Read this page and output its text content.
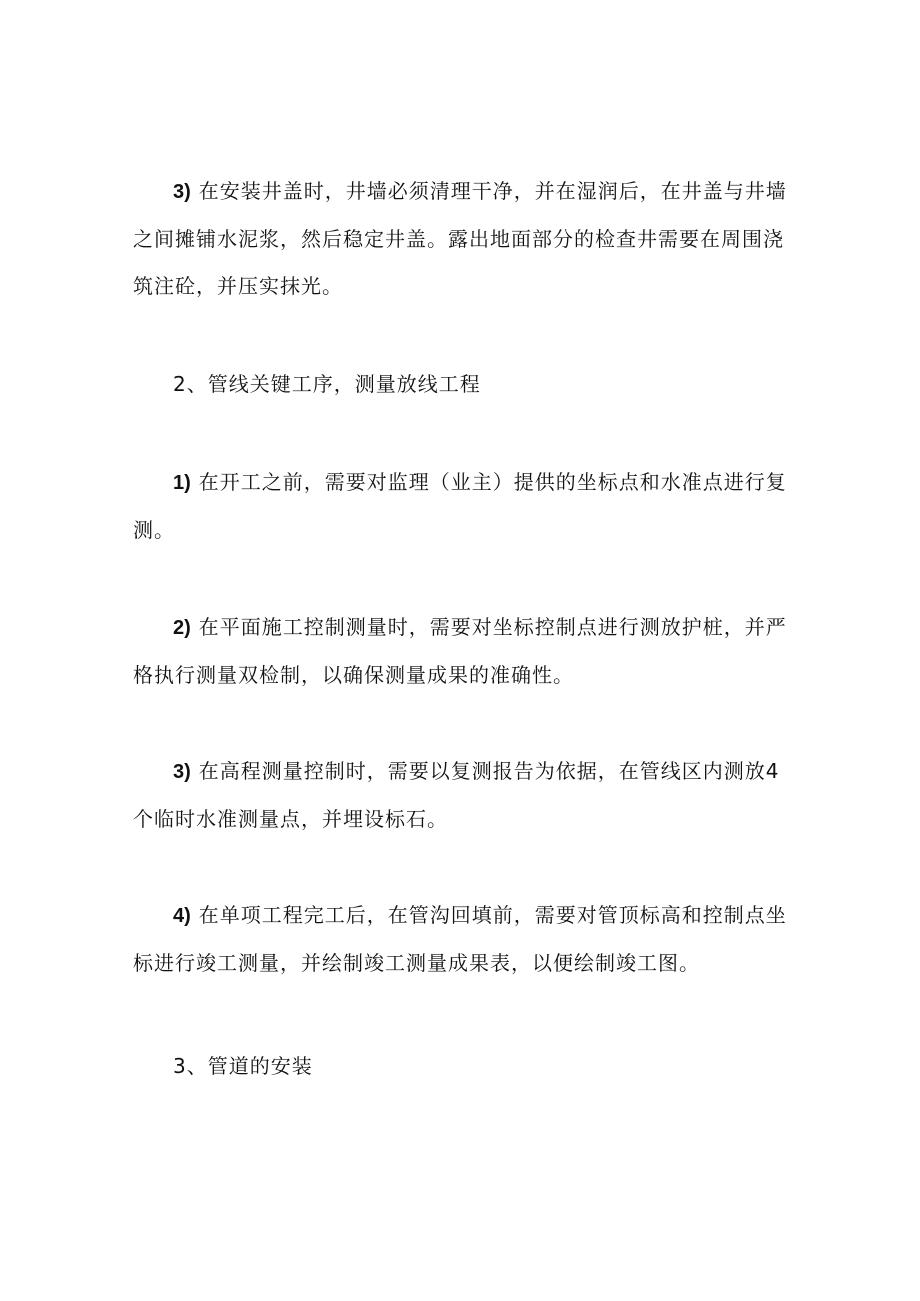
3) 在安装井盖时，井墙必须清理干净，并在湿润后，在井盖与井墙之间摊铺水泥浆，然后稳定井盖。露出地面部分的检查井需要在周围浇筑注砼，并压实抹光。

2、管线关键工序，测量放线工程

1) 在开工之前，需要对监理（业主）提供的坐标点和水准点进行复测。

2) 在平面施工控制测量时，需要对坐标控制点进行测放护桩，并严格执行测量双检制，以确保测量成果的准确性。

3) 在高程测量控制时，需要以复测报告为依据，在管线区内测放4个临时水准测量点，并埋设标石。

4) 在单项工程完工后，在管沟回填前，需要对管顶标高和控制点坐标进行竣工测量，并绘制竣工测量成果表，以便绘制竣工图。

3、管道的安装
